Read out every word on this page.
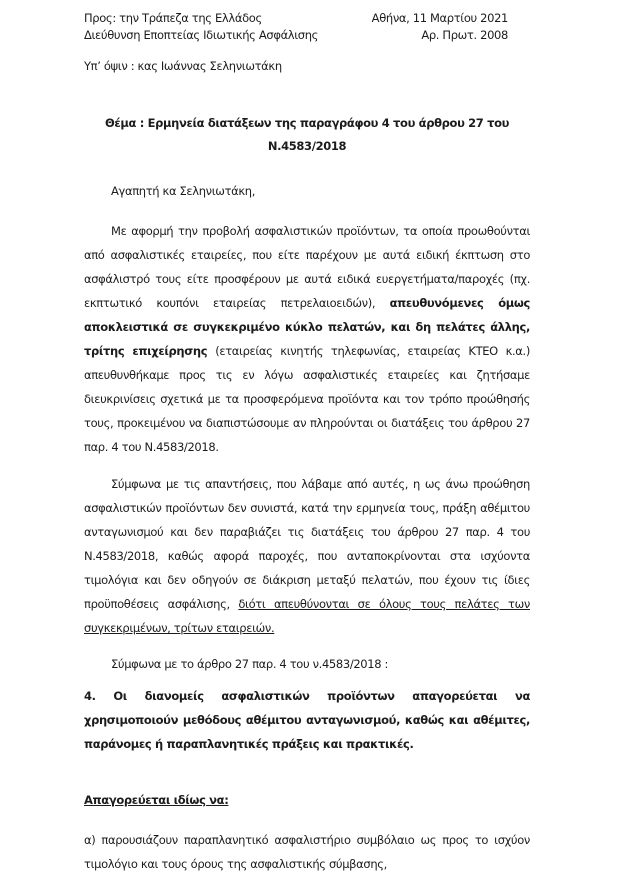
Προς: την Τράπεζα της Ελλάδος
Διεύθυνση Εποπτείας Ιδιωτικής Ασφάλισης
Αθήνα, 11 Μαρτίου 2021
Αρ. Πρωτ. 2008
Υπ’ όψιν : κας Ιωάννας Σεληνιωτάκη
Θέμα : Ερμηνεία διατάξεων της παραγράφου 4 του άρθρου 27 του
Ν.4583/2018
Αγαπητή κα Σεληνιωτάκη,

Με αφορμή την προβολή ασφαλιστικών προϊόντων, τα οποία προωθούνται από ασφαλιστικές εταιρείες, που είτε παρέχουν με αυτά ειδική έκπτωση στο ασφάλιστρό τους είτε προσφέρουν με αυτά ειδικά ευεργετήματα/παροχές (πχ. εκπτωτικό κουπόνι εταιρείας πετρελαιοειδών), απευθυνόμενες όμως αποκλειστικά σε συγκεκριμένο κύκλο πελατών, και δη πελάτες άλλης, τρίτης επιχείρησης (εταιρείας κινητής τηλεφωνίας, εταιρείας ΚΤΕΟ κ.α.) απευθυνθήκαμε προς τις εν λόγω ασφαλιστικές εταιρείες και ζητήσαμε διευκρινίσεις σχετικά με τα προσφερόμενα προϊόντα και τον τρόπο προώθησής τους, προκειμένου να διαπιστώσουμε αν πληρούνται οι διατάξεις του άρθρου 27 παρ. 4 του Ν.4583/2018.

Σύμφωνα με τις απαντήσεις, που λάβαμε από αυτές, η ως άνω προώθηση ασφαλιστικών προϊόντων δεν συνιστά, κατά την ερμηνεία τους, πράξη αθέμιτου ανταγωνισμού και δεν παραβιάζει τις διατάξεις του άρθρου 27 παρ. 4 του Ν.4583/2018, καθώς αφορά παροχές, που ανταποκρίνονται στα ισχύοντα τιμολόγια και δεν οδηγούν σε διάκριση μεταξύ πελατών, που έχουν τις ίδιες προϋποθέσεις ασφάλισης, διότι απευθύνονται σε όλους τους πελάτες των συγκεκριμένων, τρίτων εταιρειών.

Σύμφωνα με το άρθρο 27 παρ. 4 του ν.4583/2018 :

4. Οι διανομείς ασφαλιστικών προϊόντων απαγορεύεται να χρησιμοποιούν μεθόδους αθέμιτου ανταγωνισμού, καθώς και αθέμιτες, παράνομες ή παραπλανητικές πράξεις και πρακτικές.

Απαγορεύεται ιδίως να:

α) παρουσιάζουν παραπλανητικό ασφαλιστήριο συμβόλαιο ως προς το ισχύον τιμολόγιο και τους όρους της ασφαλιστικής σύμβασης,
